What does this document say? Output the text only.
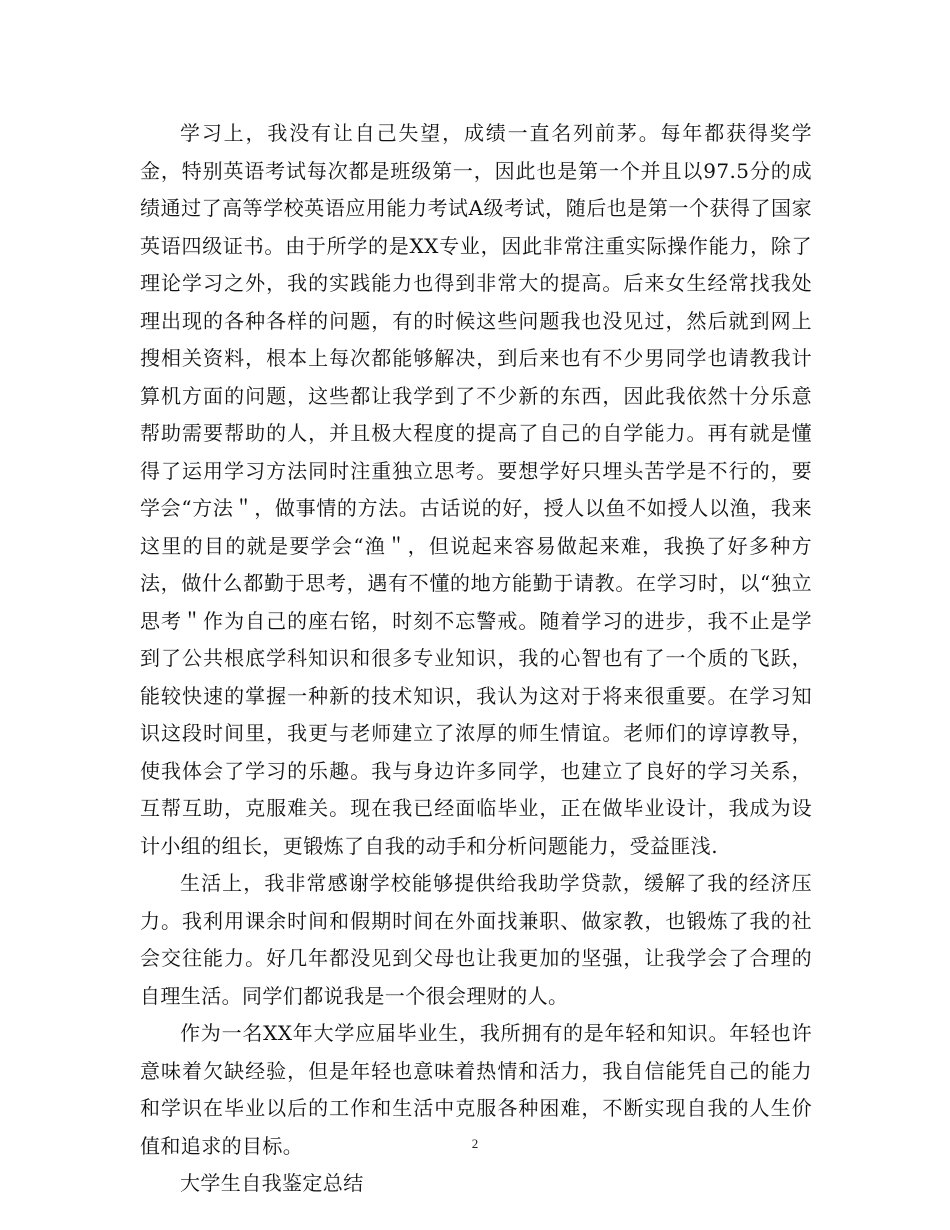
学习上，我没有让自己失望，成绩一直名列前茅。每年都获得奖学金，特别英语考试每次都是班级第一，因此也是第一个并且以97.5分的成绩通过了高等学校英语应用能力考试A级考试，随后也是第一个获得了国家英语四级证书。由于所学的是XX专业，因此非常注重实际操作能力，除了理论学习之外，我的实践能力也得到非常大的提高。后来女生经常找我处理出现的各种各样的问题，有的时候这些问题我也没见过，然后就到网上搜相关资料，根本上每次都能够解决，到后来也有不少男同学也请教我计算机方面的问题，这些都让我学到了不少新的东西，因此我依然十分乐意帮助需要帮助的人，并且极大程度的提高了自己的自学能力。再有就是懂得了运用学习方法同时注重独立思考。要想学好只埋头苦学是不行的，要学会“方法＂，做事情的方法。古话说的好，授人以鱼不如授人以渔，我来这里的目的就是要学会“渔＂，但说起来容易做起来难，我换了好多种方法，做什么都勤于思考，遇有不懂的地方能勤于请教。在学习时，以“独立思考＂作为自己的座右铭，时刻不忘警戒。随着学习的进步，我不止是学到了公共根底学科知识和很多专业知识，我的心智也有了一个质的飞跃，能较快速的掌握一种新的技术知识，我认为这对于将来很重要。在学习知识这段时间里，我更与老师建立了浓厚的师生情谊。老师们的谆谆教导，使我体会了学习的乐趣。我与身边许多同学，也建立了良好的学习关系，互帮互助，克服难关。现在我已经面临毕业，正在做毕业设计，我成为设计小组的组长，更锻炼了自我的动手和分析问题能力，受益匪浅.

生活上，我非常感谢学校能够提供给我助学贷款，缓解了我的经济压力。我利用课余时间和假期时间在外面找兼职、做家教，也锻炼了我的社会交往能力。好几年都没见到父母也让我更加的坚强，让我学会了合理的自理生活。同学们都说我是一个很会理财的人。

作为一名XX年大学应届毕业生，我所拥有的是年轻和知识。年轻也许意味着欠缺经验，但是年轻也意味着热情和活力，我自信能凭自己的能力和学识在毕业以后的工作和生活中克服各种困难，不断实现自我的人生价值和追求的目标。

大学生自我鉴定总结

2
